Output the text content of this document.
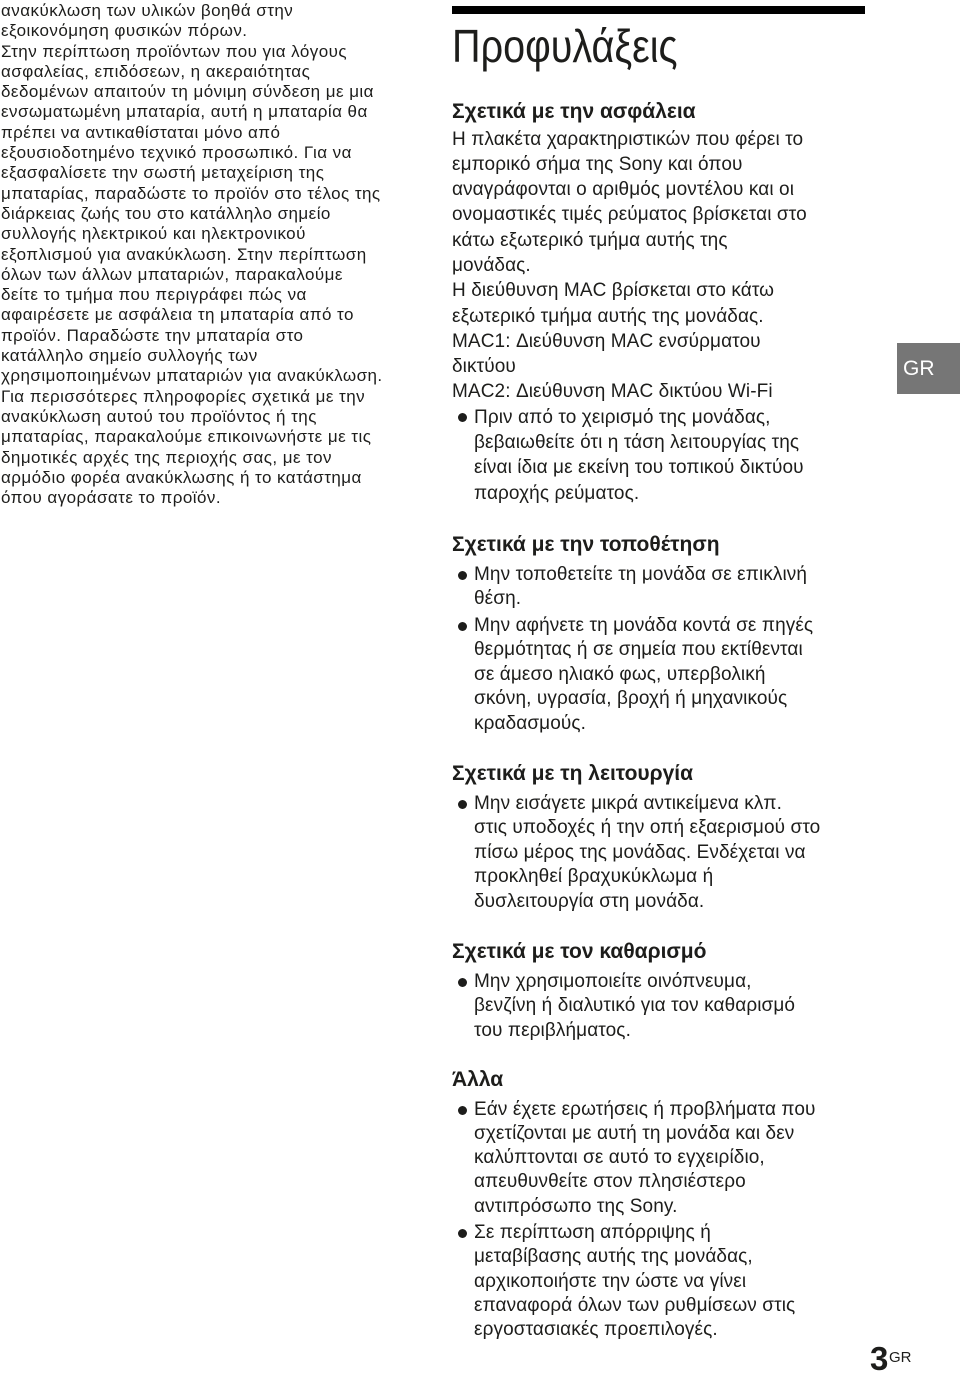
ανακύκλωση των υλικών βοηθά στην
εξοικονόμηση φυσικών πόρων.
Στην περίπτωση προϊόντων που για λόγους
ασφαλείας, επιδόσεων, η ακεραιότητας
δεδομένων απαιτούν τη μόνιμη σύνδεση με μια
ενσωματωμένη μπαταρία, αυτή η μπαταρία θα
πρέπει να αντικαθίσταται μόνο από
εξουσιοδοτημένο τεχνικό προσωπικό. Για να
εξασφαλίσετε την σωστή μεταχείριση της
μπαταρίας, παραδώστε το προϊόν στο τέλος της
διάρκειας ζωής του στο κατάλληλο σημείο
συλλογής ηλεκτρικού και ηλεκτρονικού
εξοπλισμού για ανακύκλωση. Στην περίπτωση
όλων των άλλων μπαταριών, παρακαλούμε
δείτε το τμήμα που περιγράφει πώς να
αφαιρέσετε με ασφάλεια τη μπαταρία από το
προϊόν. Παραδώστε την μπαταρία στο
κατάλληλο σημείο συλλογής των
χρησιμοποιημένων μπαταριών για ανακύκλωση.
Για περισσότερες πληροφορίες σχετικά με την
ανακύκλωση αυτού του προϊόντος ή της
μπαταρίας, παρακαλούμε επικοινωνήστε με τις
δημοτικές αρχές της περιοχής σας, με τον
αρμόδιο φορέα ανακύκλωσης ή το κατάστημα
όπου αγοράσατε το προϊόν.
Προφυλάξεις
Σχετικά με την ασφάλεια
Η πλακέτα χαρακτηριστικών που φέρει το
εμπορικό σήμα της Sony και όπου
αναγράφονται ο αριθμός μοντέλου και οι
ονομαστικές τιμές ρεύματος βρίσκεται στο
κάτω εξωτερικό τμήμα αυτής της
μονάδας.
Η διεύθυνση MAC βρίσκεται στο κάτω
εξωτερικό τμήμα αυτής της μονάδας.
MAC1: Διεύθυνση MAC ενσύρματου
δικτύου
MAC2: Διεύθυνση MAC δικτύου Wi-Fi
Πριν από το χειρισμό της μονάδας,
βεβαιωθείτε ότι η τάση λειτουργίας της
είναι ίδια με εκείνη του τοπικού δικτύου
παροχής ρεύματος.
Σχετικά με την τοποθέτηση
Μην τοποθετείτε τη μονάδα σε επικλινή
θέση.
Μην αφήνετε τη μονάδα κοντά σε πηγές
θερμότητας ή σε σημεία που εκτίθενται
σε άμεσο ηλιακό φως, υπερβολική
σκόνη, υγρασία, βροχή ή μηχανικούς
κραδασμούς.
Σχετικά με τη λειτουργία
Μην εισάγετε μικρά αντικείμενα κλπ.
στις υποδοχές ή την οπή εξαερισμού στο
πίσω μέρος της μονάδας. Ενδέχεται να
προκληθεί βραχυκύκλωμα ή
δυσλειτουργία στη μονάδα.
Σχετικά με τον καθαρισμό
Μην χρησιμοποιείτε οινόπνευμα,
βενζίνη ή διαλυτικό για τον καθαρισμό
του περιβλήματος.
Άλλα
Εάν έχετε ερωτήσεις ή προβλήματα που
σχετίζονται με αυτή τη μονάδα και δεν
καλύπτονται σε αυτό το εγχειρίδιο,
απευθυνθείτε στον πλησιέστερο
αντιπρόσωπο της Sony.
Σε περίπτωση απόρριψης ή
μεταβίβασης αυτής της μονάδας,
αρχικοποιήστε την ώστε να γίνει
επαναφορά όλων των ρυθμίσεων στις
εργοστασιακές προεπιλογές.
GR
3 GR
